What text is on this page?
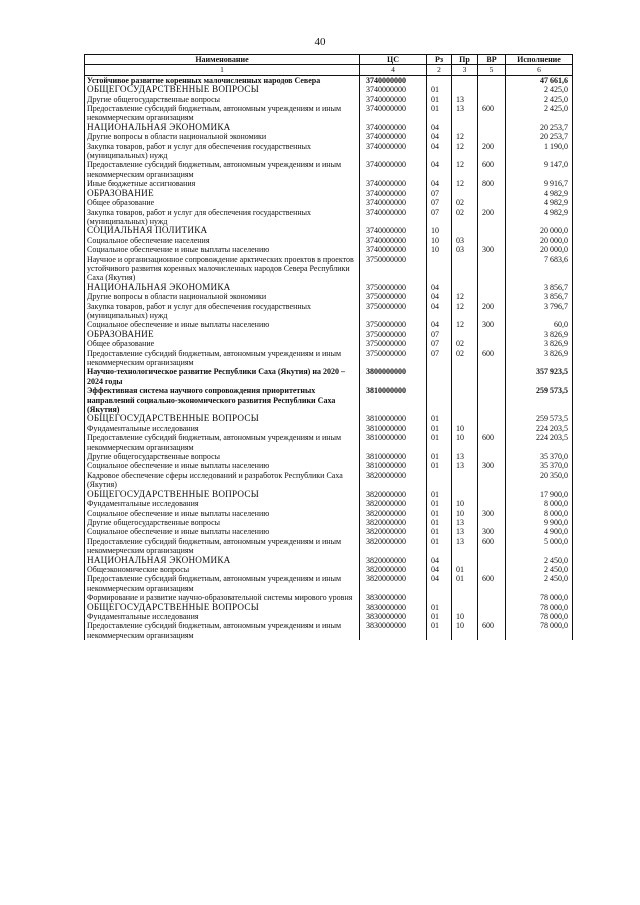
40
Наименование	ЦС	Рз	Пр	ВР	Исполнение
1	4	2	3	5	6
Устойчивое развитие коренных малочисленных народов Севера	3740000000				47 661,6
ОБЩЕГОСУДАРСТВЕННЫЕ ВОПРОСЫ	3740000000	01			2 425,0
Другие общегосударственные вопросы	3740000000	01	13		2 425,0
Предоставление субсидий бюджетным, автономным учреждениям и иным некоммерческим организациям	3740000000	01	13	600	2 425,0
НАЦИОНАЛЬНАЯ ЭКОНОМИКА	3740000000	04			20 253,7
Другие вопросы в области национальной экономики	3740000000	04	12		20 253,7
Закупка товаров, работ и услуг для обеспечения государственных (муниципальных) нужд	3740000000	04	12	200	1 190,0
Предоставление субсидий бюджетным, автономным учреждениям и иным некоммерческим организациям	3740000000	04	12	600	9 147,0
Иные бюджетные ассигнования	3740000000	04	12	800	9 916,7
ОБРАЗОВАНИЕ	3740000000	07			4 982,9
Общее образование	3740000000	07	02		4 982,9
Закупка товаров, работ и услуг для обеспечения государственных (муниципальных) нужд	3740000000	07	02	200	4 982,9
СОЦИАЛЬНАЯ ПОЛИТИКА	3740000000	10			20 000,0
Социальное обеспечение населения	3740000000	10	03		20 000,0
Социальное обеспечение и иные выплаты населению	3740000000	10	03	300	20 000,0
Научное и организационное сопровождение арктических проектов в проектов устойчивого развития коренных малочисленных народов Севера Республики Саха (Якутия)	3750000000				7 683,6
НАЦИОНАЛЬНАЯ ЭКОНОМИКА	3750000000	04			3 856,7
Другие вопросы в области национальной экономики	3750000000	04	12		3 856,7
Закупка товаров, работ и услуг для обеспечения государственных (муниципальных) нужд	3750000000	04	12	200	3 796,7
Социальное обеспечение и иные выплаты населению	3750000000	04	12	300	60,0
ОБРАЗОВАНИЕ	3750000000	07			3 826,9
Общее образование	3750000000	07	02		3 826,9
Предоставление субсидий бюджетным, автономным учреждениям и иным некоммерческим организациям	3750000000	07	02	600	3 826,9
Научно-технологическое развитие Республики Саха (Якутия) на 2020 – 2024 годы	3800000000				357 923,5
Эффективная система научного сопровождения приоритетных направлений социально-экономического развития Республики Саха (Якутия)	3810000000				259 573,5
ОБЩЕГОСУДАРСТВЕННЫЕ ВОПРОСЫ	3810000000	01			259 573,5
Фундаментальные исследования	3810000000	01	10		224 203,5
Предоставление субсидий бюджетным, автономным учреждениям и иным некоммерческим организациям	3810000000	01	10	600	224 203,5
Другие общегосударственные вопросы	3810000000	01	13		35 370,0
Социальное обеспечение и иные выплаты населению	3810000000	01	13	300	35 370,0
Кадровое обеспечение сферы исследований и разработок Республики Саха (Якутия)	3820000000				20 350,0
ОБЩЕГОСУДАРСТВЕННЫЕ ВОПРОСЫ	3820000000	01			17 900,0
Фундаментальные исследования	3820000000	01	10		8 000,0
Социальное обеспечение и иные выплаты населению	3820000000	01	10	300	8 000,0
Другие общегосударственные вопросы	3820000000	01	13		9 900,0
Социальное обеспечение и иные выплаты населению	3820000000	01	13	300	4 900,0
Предоставление субсидий бюджетным, автономным учреждениям и иным некоммерческим организациям	3820000000	01	13	600	5 000,0
НАЦИОНАЛЬНАЯ ЭКОНОМИКА	3820000000	04			2 450,0
Общеэкономические вопросы	3820000000	04	01		2 450,0
Предоставление субсидий бюджетным, автономным учреждениям и иным некоммерческим организациям	3820000000	04	01	600	2 450,0
Формирование и развитие научно-образовательной системы мирового уровня	3830000000				78 000,0
ОБЩЕГОСУДАРСТВЕННЫЕ ВОПРОСЫ	3830000000	01			78 000,0
Фундаментальные исследования	3830000000	01	10		78 000,0
Предоставление субсидий бюджетным, автономным учреждениям и иным некоммерческим организациям	3830000000	01	10	600	78 000,0
